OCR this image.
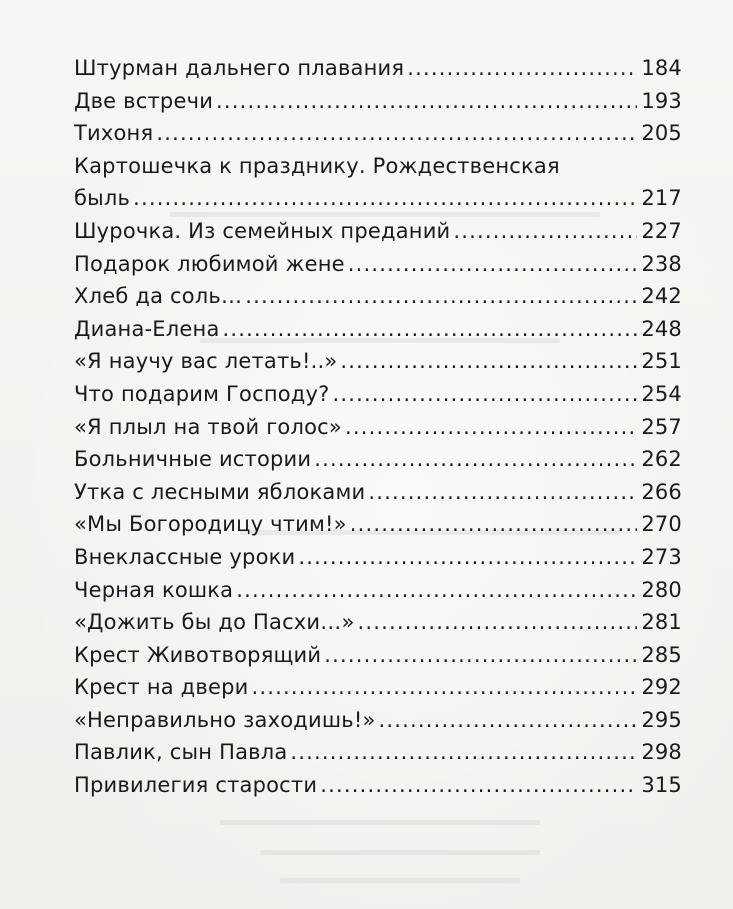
Штурман дальнего плавания .....	184
Две встречи .....	193
Тихоня .....	205
Картошечка к празднику. Рождественская
быль .....	217
Шурочка. Из семейных преданий .....	227
Подарок любимой жене .....	238
Хлеб да соль… .....	242
Диана-Елена .....	248
«Я научу вас летать!..» .....	251
Что подарим Господу? .....	254
«Я плыл на твой голос» .....	257
Больничные истории .....	262
Утка с лесными яблоками .....	266
«Мы Богородицу чтим!» .....	270
Внеклассные уроки .....	273
Черная кошка .....	280
«Дожить бы до Пасхи…» .....	281
Крест Животворящий .....	285
Крест на двери .....	292
«Неправильно заходишь!» .....	295
Павлик, сын Павла .....	298
Привилегия старости .....	315
